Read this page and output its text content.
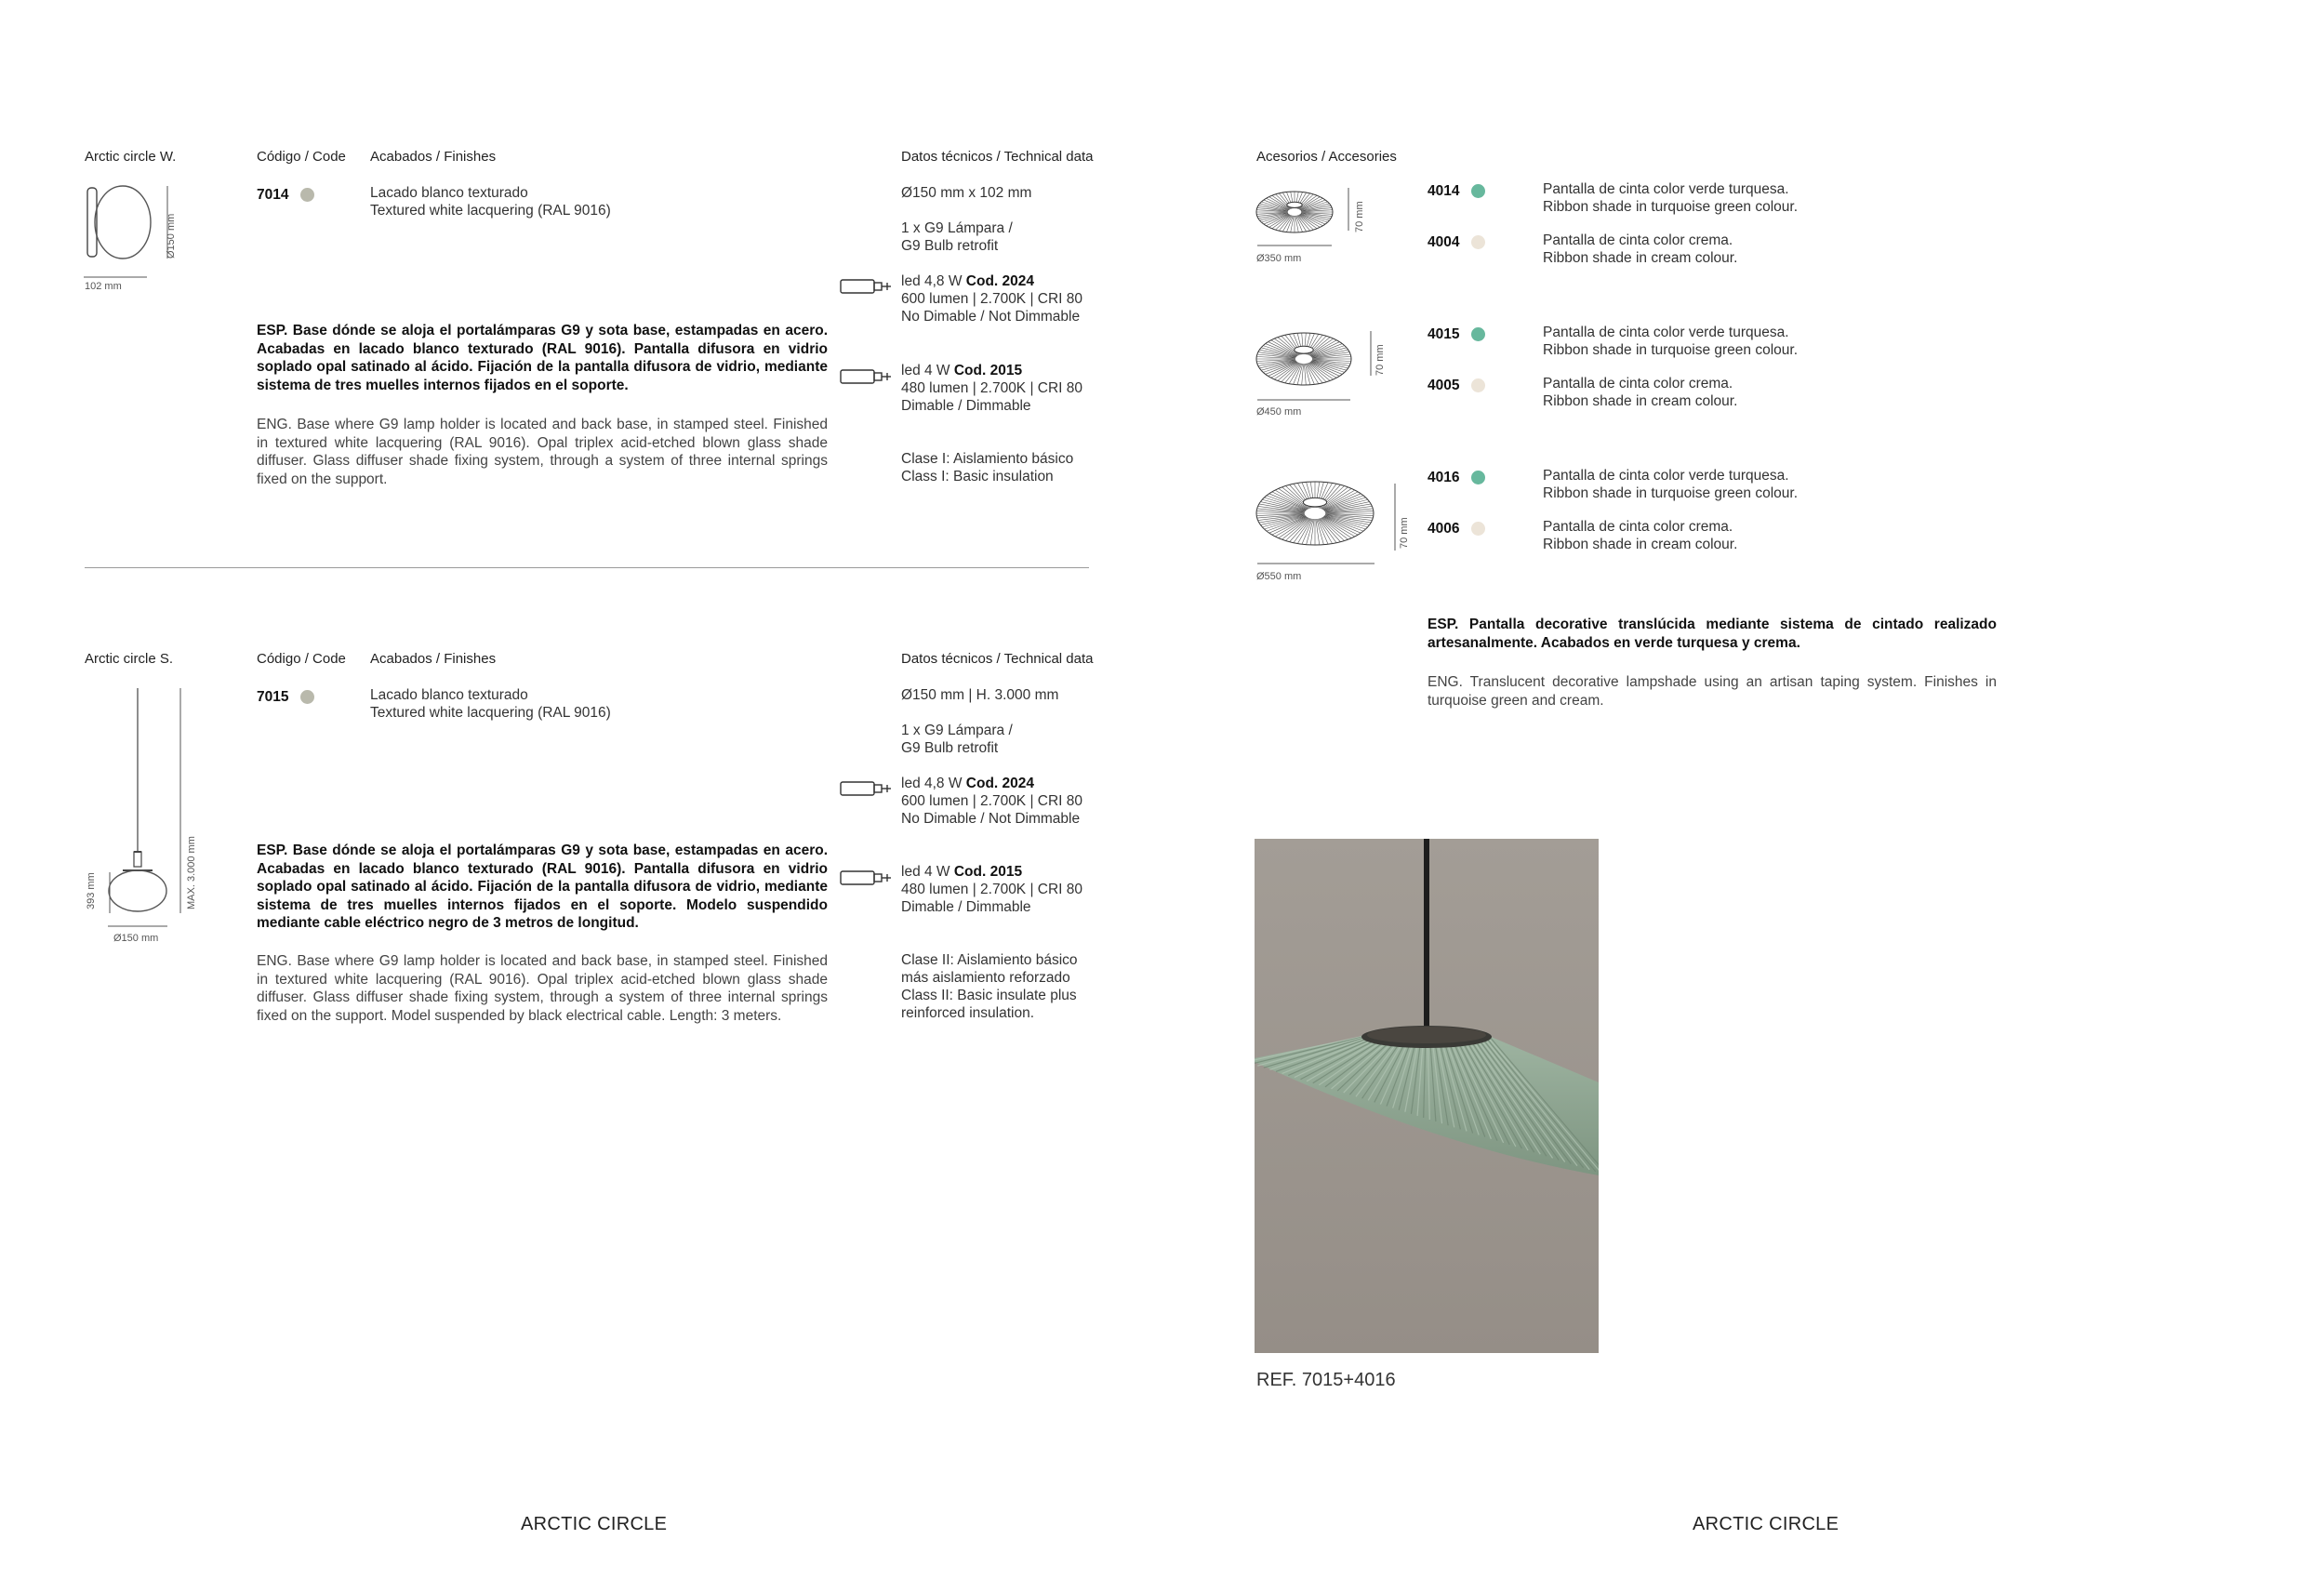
Arctic circle W.	Código / Code Acabados / Finishes	Datos técnicos / Technical data
Ø150 mm
102 mm
7014	Lacado blanco texturado
Textured white lacquering (RAL 9016)
Ø150 mm x 102 mm
1 x G9 Lámpara /
G9 Bulb retrofit
led 4,8 W Cod. 2024
600 lumen | 2.700K | CRI 80
No Dimable / Not Dimmable
led 4 W Cod. 2015
480 lumen | 2.700K | CRI 80
Dimable / Dimmable
Clase I: Aislamiento básico
Class I: Basic insulation
ESP. Base dónde se aloja el portalámparas G9 y sota base, estampadas en acero. Acabadas en lacado blanco texturado (RAL 9016). Pantalla difusora en vidrio soplado opal satinado al ácido. Fijación de la pantalla difusora de vidrio, mediante sistema de tres muelles internos fijados en el soporte.
ENG. Base where G9 lamp holder is located and back base, in stamped steel. Finished in textured white lacquering (RAL 9016). Opal triplex acid-etched blown glass shade diffuser. Glass diffuser shade fixing system, through a system of three internal springs fixed on the support.
Arctic circle S.	Código / Code Acabados / Finishes	Datos técnicos / Technical data
393 mm	MAX. 3.000 mm
Ø150 mm
7015	Lacado blanco texturado
Textured white lacquering (RAL 9016)
Ø150 mm | H. 3.000 mm
1 x G9 Lámpara /
G9 Bulb retrofit
led 4,8 W Cod. 2024
600 lumen | 2.700K | CRI 80
No Dimable / Not Dimmable
led 4 W Cod. 2015
480 lumen | 2.700K | CRI 80
Dimable / Dimmable
Clase II: Aislamiento básico
más aislamiento reforzado
Class II: Basic insulate plus
reinforced insulation.
ESP. Base dónde se aloja el portalámparas G9 y sota base, estampadas en acero. Acabadas en lacado blanco texturado (RAL 9016). Pantalla difusora en vidrio soplado opal satinado al ácido. Fijación de la pantalla difusora de vidrio, mediante sistema de tres muelles internos fijados en el soporte. Modelo suspendido mediante cable eléctrico negro de 3 metros de longitud.
ENG. Base where G9 lamp holder is located and back base, in stamped steel. Finished in textured white lacquering (RAL 9016). Opal triplex acid-etched blown glass shade diffuser. Glass diffuser shade fixing system, through a system of three internal springs fixed on the support. Model suspended by black electrical cable. Length: 3 meters.
ARCTIC CIRCLE
Acesorios / Accesories
Ø350 mm
70 mm
Ø450 mm
70 mm
Ø550 mm
70 mm
4014	Pantalla de cinta color verde turquesa.
Ribbon shade in turquoise green colour.
4004	Pantalla de cinta color crema.
Ribbon shade in cream colour.
4015	Pantalla de cinta color verde turquesa.
Ribbon shade in turquoise green colour.
4005	Pantalla de cinta color crema.
Ribbon shade in cream colour.
4016	Pantalla de cinta color verde turquesa.
Ribbon shade in turquoise green colour.
4006	Pantalla de cinta color crema.
Ribbon shade in cream colour.
ESP. Pantalla decorative translúcida mediante sistema de cintado realizado artesanalmente. Acabados en verde turquesa y crema.
ENG. Translucent decorative lampshade using an artisan taping system. Finishes in turquoise green and cream.
REF. 7015+4016
ARCTIC CIRCLE
